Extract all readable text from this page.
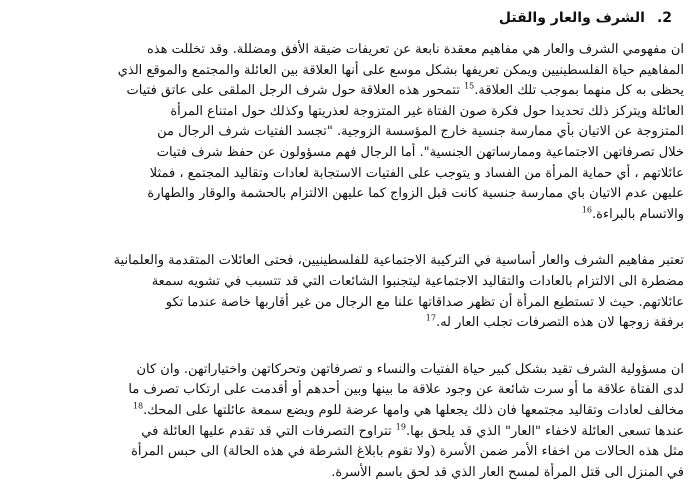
.2
الشرف والعار والقتل

ان مفهومي الشرف والعار هي مفاهيم معقدة نابعة عن تعريفات ضيقة الأفق ومضللة. وقد تخللت هذه
المفاهيم حياة الفلسطينيين ويمكن تعريفها بشكل موسع على أنها العلاقة بين العائلة والمجتمع والموقع الذي
يحظى به كل منهما بموجب تلك العلاقة.$^{15}$ تتمحور هذه العلاقة حول شرف الرجل الملقى على عاتق فتيات
العائلة ويتركز ذلك تحديدا حول فكرة صون الفتاة غير المتزوجة لعذريتها وكذلك حول امتناع المرأة
المتزوجة عن الاتيان بأي ممارسة جنسية خارج المؤسسة الزوجية. "تجسد الفتيات شرف الرجال من
خلال تصرفاتهن الاجتماعية وممارساتهن الجنسية". أما الرجال فهم مسؤولون عن حفظ شرف فتيات
عائلاتهم ، أي حماية المرأة من الفساد و يتوجب على الفتيات الاستجابة لعادات وتقاليد المجتمع ، فمثلا
عليهن عدم الاتيان باي ممارسة جنسية كانت قبل الزواج كما عليهن الالتزام بالحشمة والوقار والطهارة
والاتسام بالبراءة.$^{16}$

تعتبر مفاهيم الشرف والعار أساسية في التركيبة الاجتماعية للفلسطينيين، فحتى العائلات المتقدمة والعلمانية
مضطرة الى الالتزام بالعادات والتقاليد الاجتماعية ليتجنبوا الشائعات التي قد تتسبب في تشويه سمعة
عائلاتهم. حيث لا تستطيع المرأة أن تظهر صداقاتها علنا مع الرجال من غير أقاربها خاصة عندما تكو
برفقة زوجها لان هذه التصرفات تجلب العار له.$^{17}$

ان مسؤولية الشرف تقيد بشكل كبير حياة الفتيات والنساء و تصرفاتهن وتحركاتهن واختياراتهن. وان كان
لدى الفتاة علاقة ما أو سرت شائعة عن وجود علاقة ما بينها وبين أحدهم أو أقدمت على ارتكاب تصرف ما
مخالف لعادات وتقاليد مجتمعها فان ذلك يجعلها هي وامها عرضة للوم ويضع سمعة عائلتها على المحك.$^{18}$
عندها تسعى العائلة لاخفاء "العار" الذي قد يلحق بها.$^{19}$ تتراوح التصرفات التي قد تقدم عليها العائلة في
مثل هذه الحالات من اخفاء الأمر ضمن الأسرة (ولا تقوم بابلاغ الشرطة في هذه الحالة) الى حبس المرأة
في المنزل الى قتل المرأة لمسح العار الذي قد لحق باسم الأسرة.
